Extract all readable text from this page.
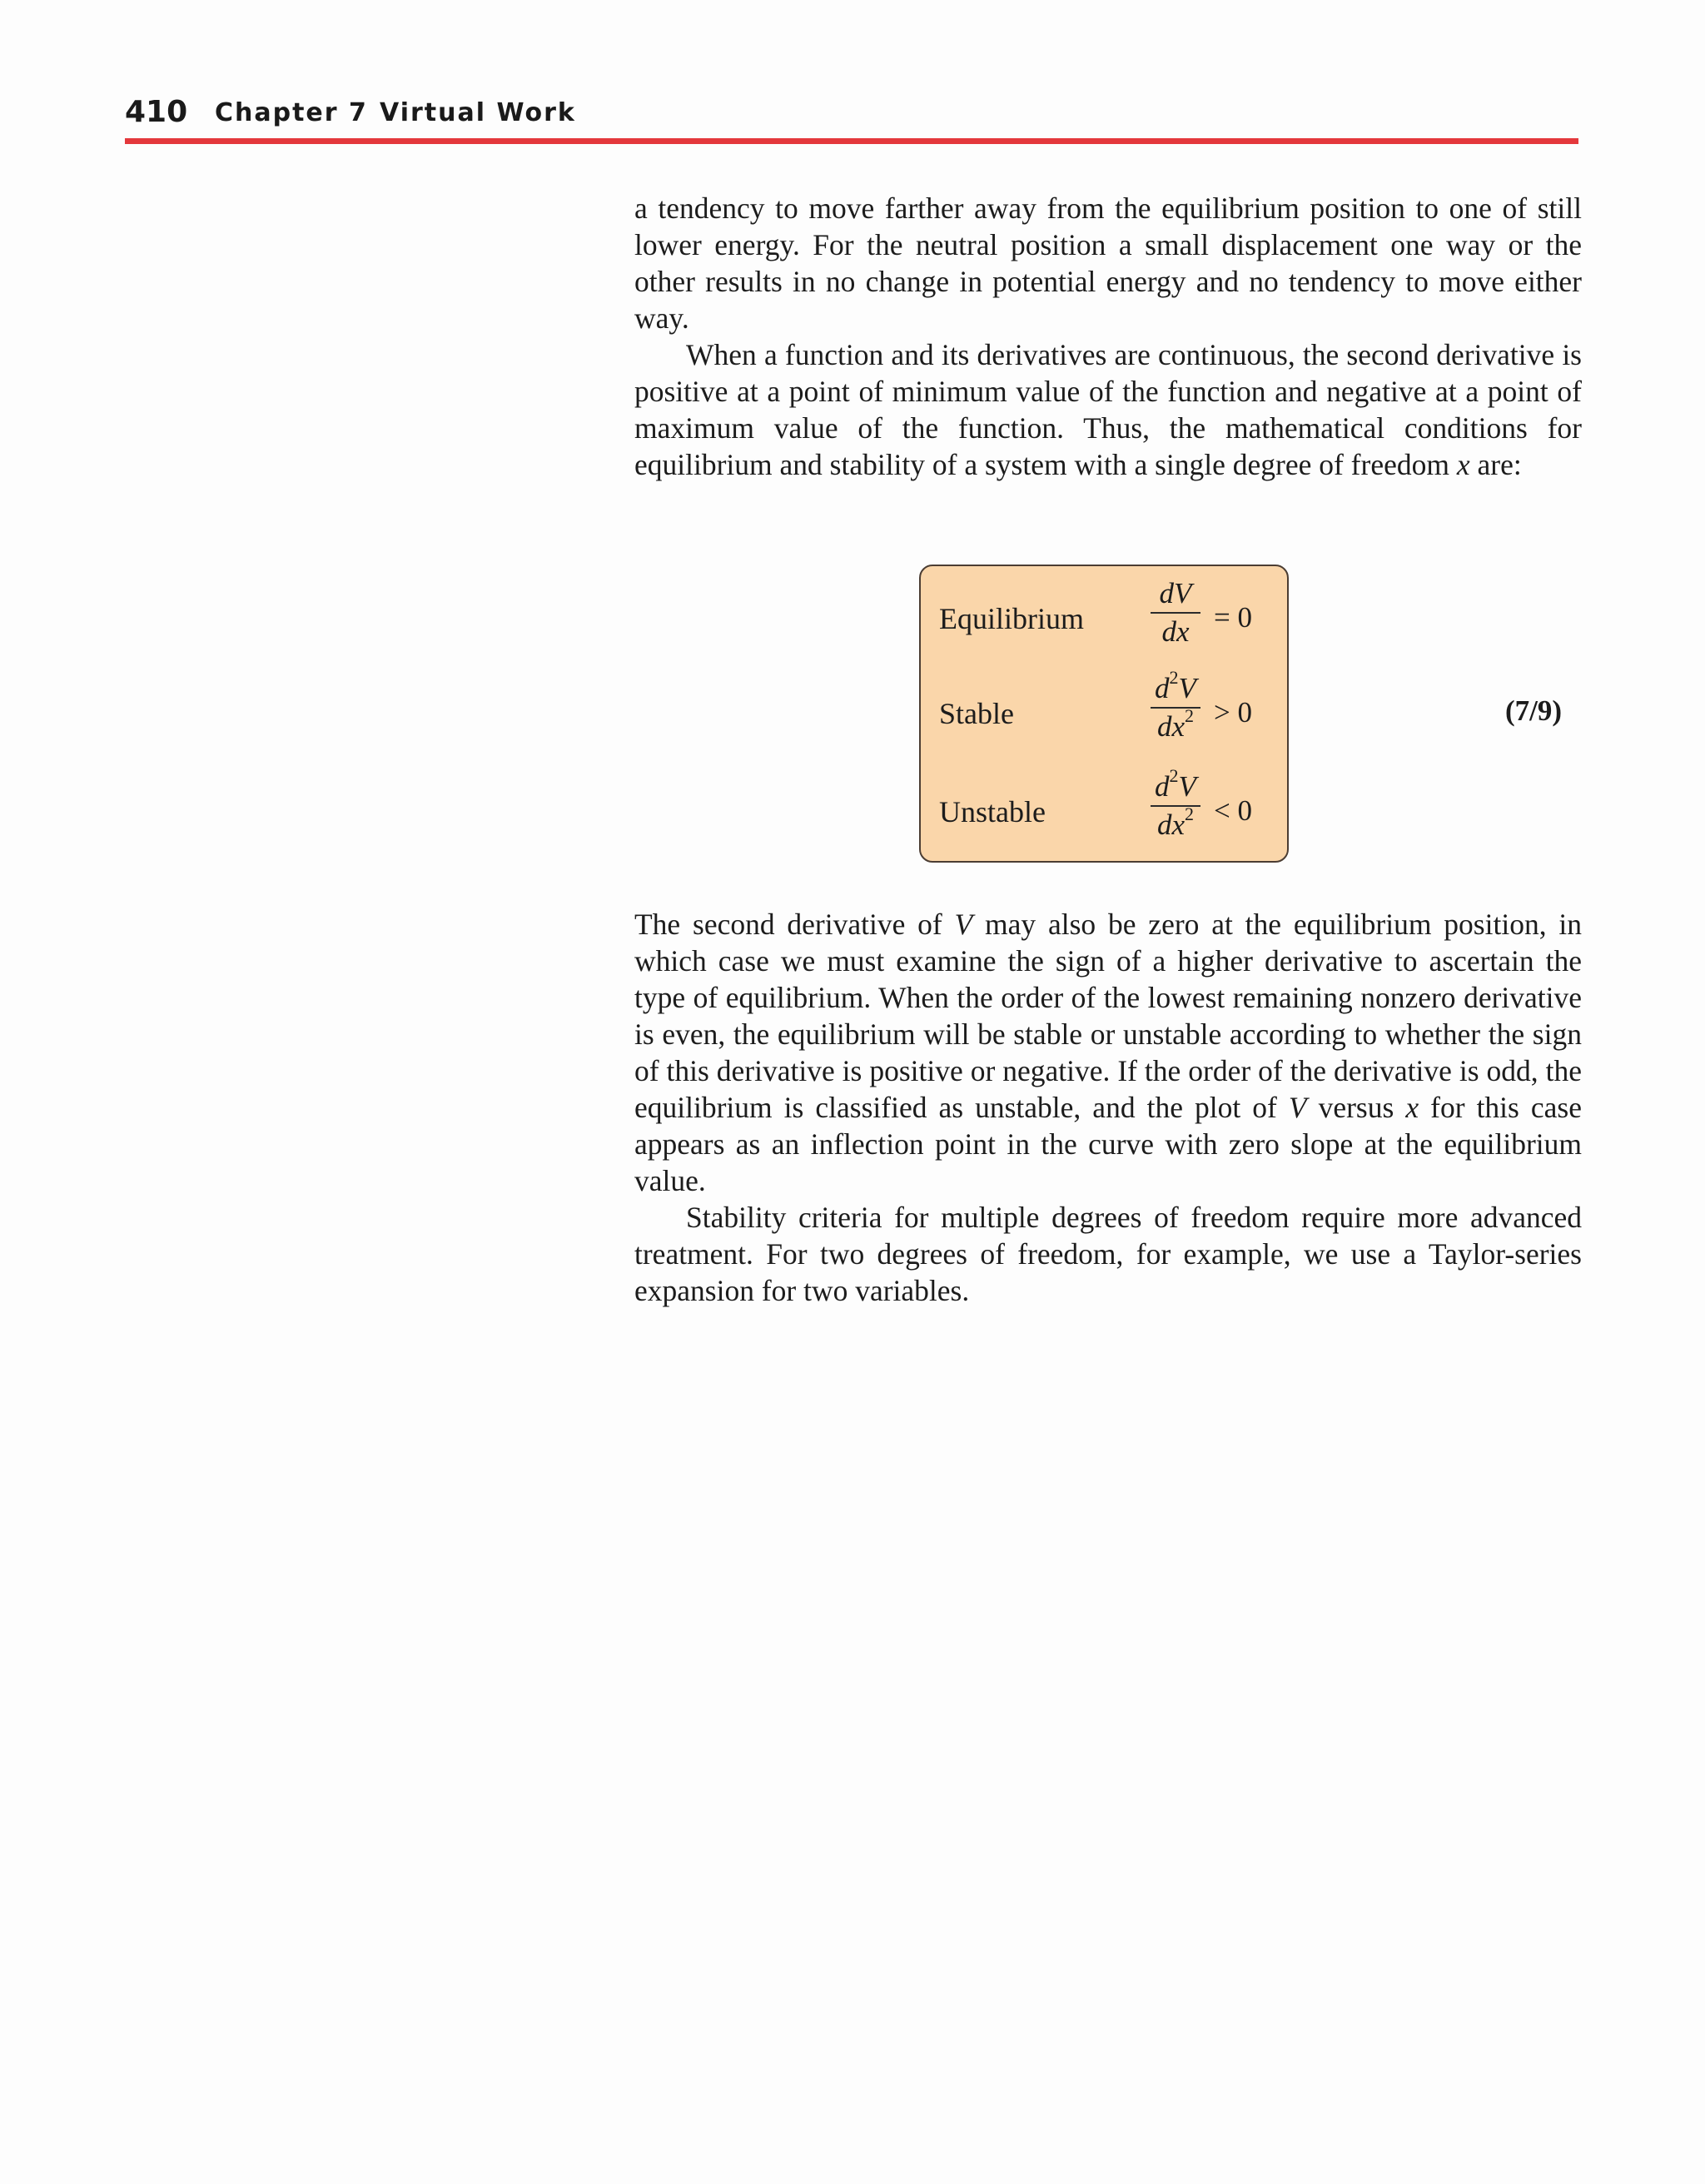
410 Chapter 7 Virtual Work

a tendency to move farther away from the equilibrium position to one of still lower energy. For the neutral position a small displacement one way or the other results in no change in potential energy and no tendency to move either way.

When a function and its derivatives are continuous, the second derivative is positive at a point of minimum value of the function and negative at a point of maximum value of the function. Thus, the mathematical conditions for equilibrium and stability of a system with a single degree of freedom x are:

Equilibrium
dV
dx = 0
Stable
$d^2V$
$dx^2 > 0$
Unstable
$d^2V$
$dx^2 < 0$
(7/9)

The second derivative of V may also be zero at the equilibrium position, in which case we must examine the sign of a higher derivative to ascertain the type of equilibrium. When the order of the lowest remaining nonzero derivative is even, the equilibrium will be stable or unstable according to whether the sign of this derivative is positive or negative. If the order of the derivative is odd, the equilibrium is classified as unstable, and the plot of V versus x for this case appears as an inflection point in the curve with zero slope at the equilibrium value.

Stability criteria for multiple degrees of freedom require more advanced treatment. For two degrees of freedom, for example, we use a Taylor-series expansion for two variables.
